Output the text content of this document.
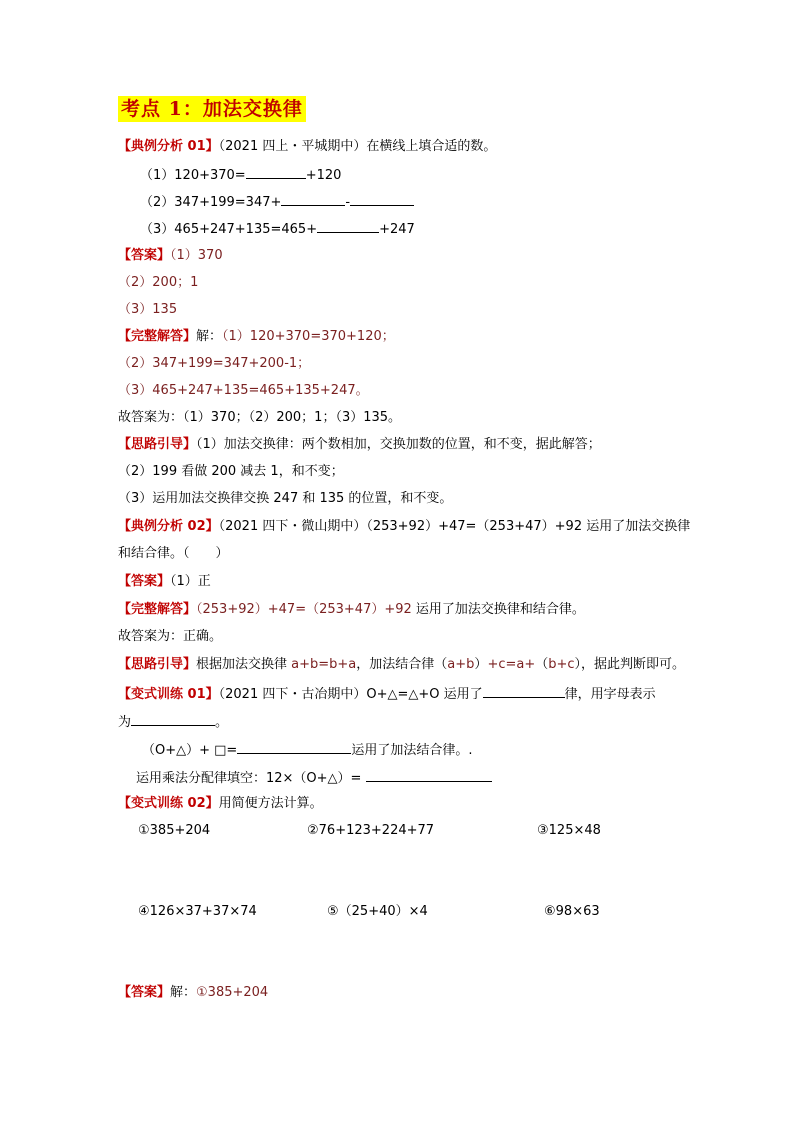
考点 1：加法交换律
【典例分析 01】（2021 四上・平城期中）在横线上填合适的数。
（1）120+370=	+120
（2）347+199=347+	-
（3）465+247+135=465+	+247
【答案】（1）370
（2）200；1
（3）135
【完整解答】解：（1）120+370=370+120；
（2）347+199=347+200-1；
（3）465+247+135=465+135+247。
故答案为：（1）370；（2）200；1；（3）135。
【思路引导】（1）加法交换律：两个数相加，交换加数的位置，和不变，据此解答；
（2）199 看做 200 减去 1，和不变；
（3）运用加法交换律交换 247 和 135 的位置，和不变。
【典例分析 02】（2021 四下・微山期中）（253+92）+47=（253+47）+92 运用了加法交换律
和结合律。（　　）
【答案】（1）正
【完整解答】（253+92）+47=（253+47）+92 运用了加法交换律和结合律。
故答案为：正确。
【思路引导】根据加法交换律 a+b=b+a，加法结合律（a+b）+c=a+（b+c），据此判断即可。
【变式训练 01】（2021 四下・古冶期中）O+△=△+O 运用了	律，用字母表示
为	。
（O+△）+ □=	运用了加法结合律。.
运用乘法分配律填空：12×（O+△）=
【变式训练 02】用简便方法计算。
①385+204	②76+123+224+77	③125×48
④126×37+37×74	⑤（25+40）×4	⑥98×63
【答案】解：①385+204
